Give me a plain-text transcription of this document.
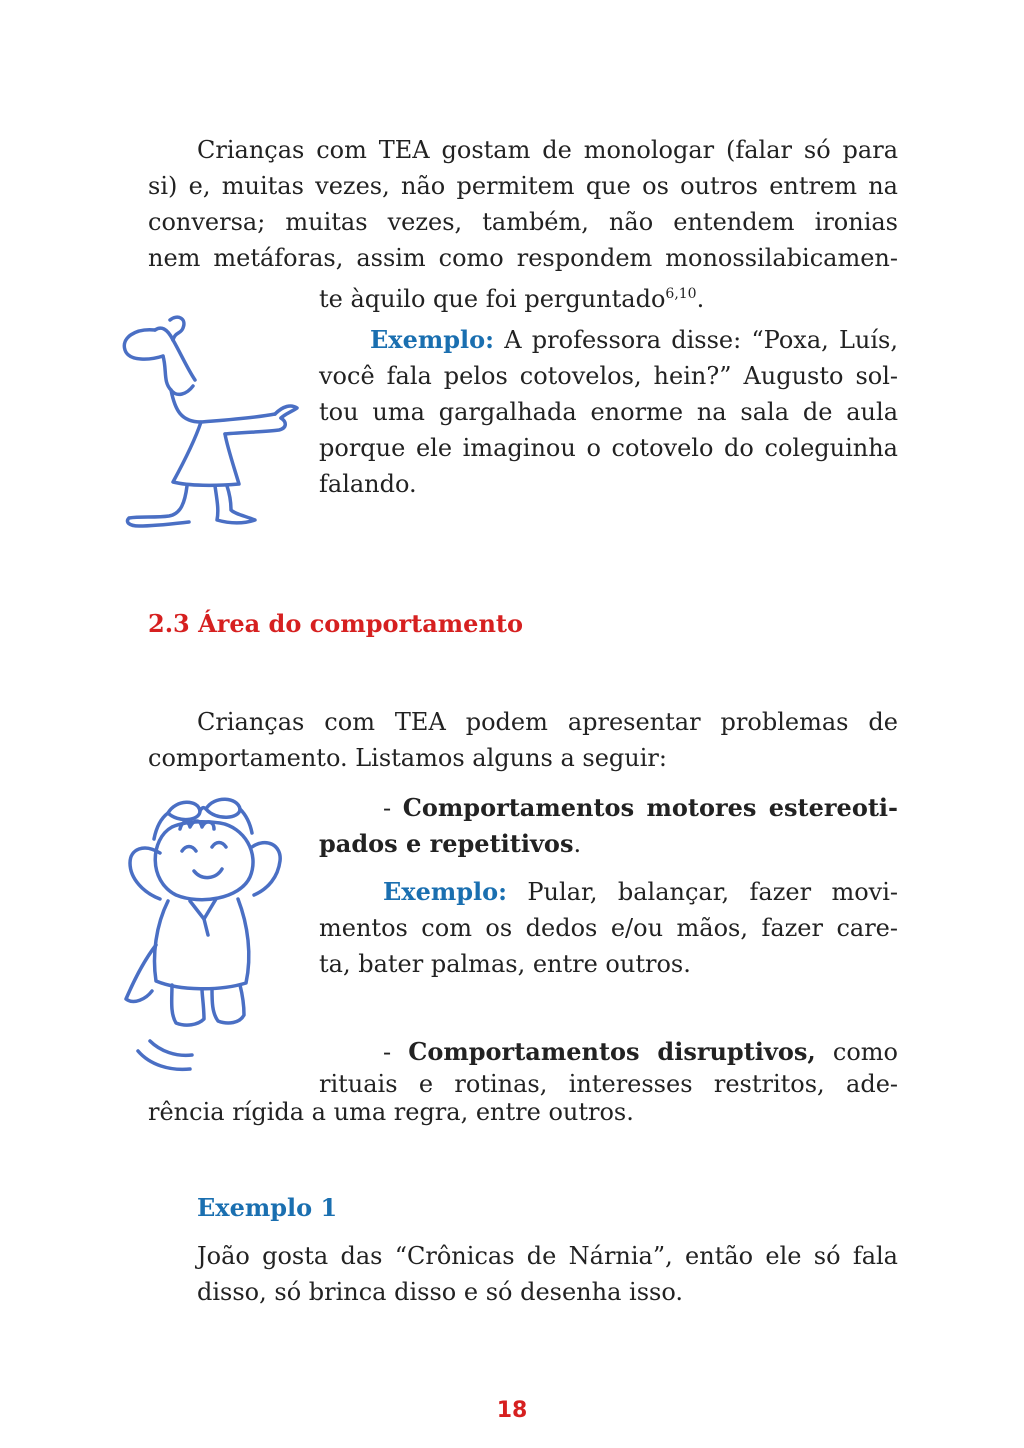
Crianças com TEA gostam de monologar (falar só para
si) e, muitas vezes, não permitem que os outros entrem na
conversa; muitas vezes, também, não entendem ironias
nem metáforas, assim como respondem monossilabicamen-
te àquilo que foi perguntado$^{6,10}$.
Exemplo: A professora disse: “Poxa, Luís,
você fala pelos cotovelos, hein?” Augusto sol-
tou uma gargalhada enorme na sala de aula
porque ele imaginou o cotovelo do coleguinha
falando.
2.3 Área do comportamento
Crianças com TEA podem apresentar problemas de
comportamento. Listamos alguns a seguir:
- Comportamentos motores estereoti-
pados e repetitivos.
Exemplo: Pular, balançar, fazer movi-
mentos com os dedos e/ou mãos, fazer care-
ta, bater palmas, entre outros.
- Comportamentos disruptivos, como
rituais e rotinas, interesses restritos, ade-
rência rígida a uma regra, entre outros.
Exemplo 1
João gosta das “Crônicas de Nárnia”, então ele só fala
disso, só brinca disso e só desenha isso.
18
